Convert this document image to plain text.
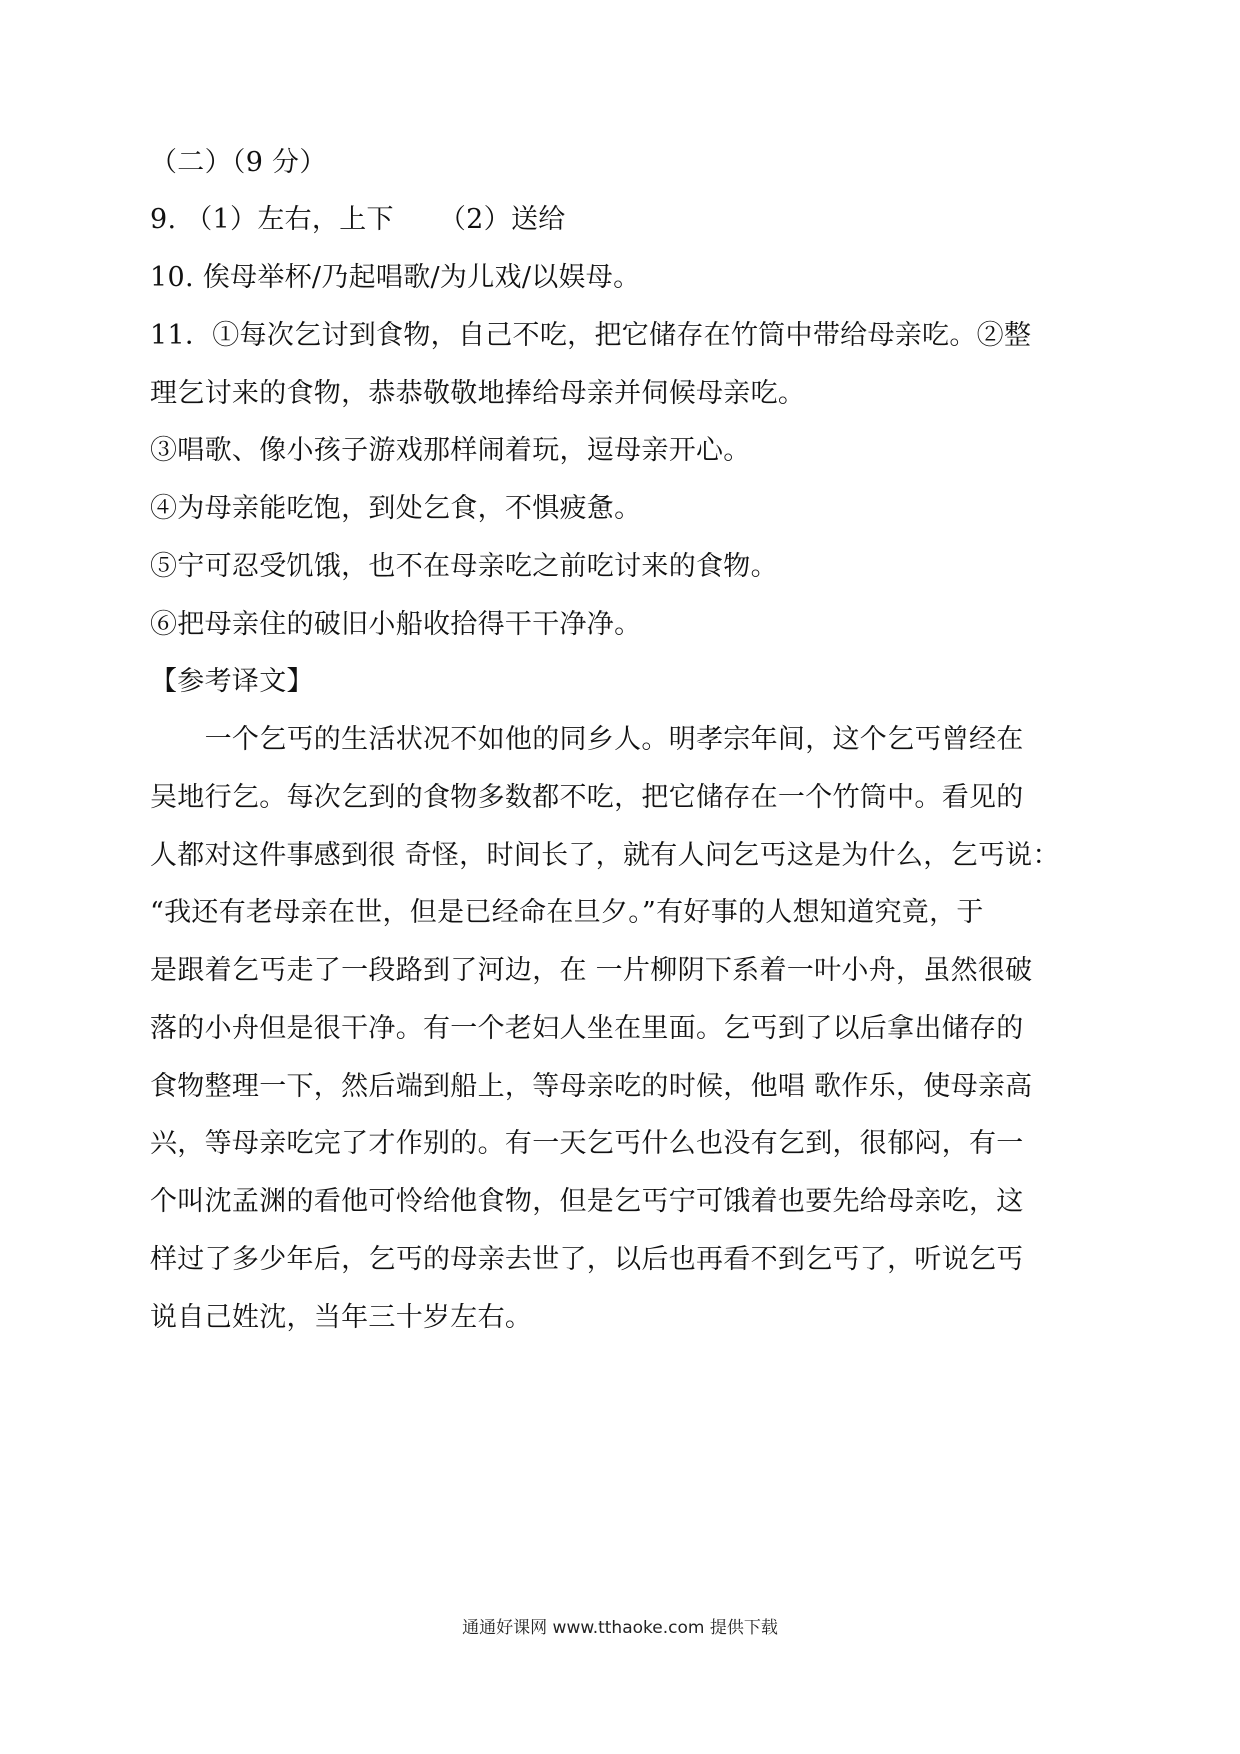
（二）（9 分）
9. （1）左右，上下 　 （2）送给
10. 俟母举杯/乃起唱歌/为儿戏/以娱母。
11．①每次乞讨到食物，自己不吃，把它储存在竹筒中带给母亲吃。②整
理乞讨来的食物，恭恭敬敬地捧给母亲并伺候母亲吃。
③唱歌、像小孩子游戏那样闹着玩，逗母亲开心。
④为母亲能吃饱，到处乞食，不惧疲惫。
⑤宁可忍受饥饿，也不在母亲吃之前吃讨来的食物。
⑥把母亲住的破旧小船收拾得干干净净。
【参考译文】
　　一个乞丐的生活状况不如他的同乡人。明孝宗年间，这个乞丐曾经在
吴地行乞。每次乞到的食物多数都不吃，把它储存在一个竹筒中。看见的
人都对这件事感到很 奇怪，时间长了，就有人问乞丐这是为什么，乞丐说：
“我还有老母亲在世，但是已经命在旦夕。”有好事的人想知道究竟，于
是跟着乞丐走了一段路到了河边，在 一片柳阴下系着一叶小舟，虽然很破
落的小舟但是很干净。有一个老妇人坐在里面。乞丐到了以后拿出储存的
食物整理一下，然后端到船上，等母亲吃的时候，他唱 歌作乐，使母亲高
兴，等母亲吃完了才作别的。有一天乞丐什么也没有乞到，很郁闷，有一
个叫沈孟渊的看他可怜给他食物，但是乞丐宁可饿着也要先给母亲吃，这
样过了多少年后，乞丐的母亲去世了，以后也再看不到乞丐了，听说乞丐
说自己姓沈，当年三十岁左右。
通通好课网 www.tthaoke.com 提供下载
